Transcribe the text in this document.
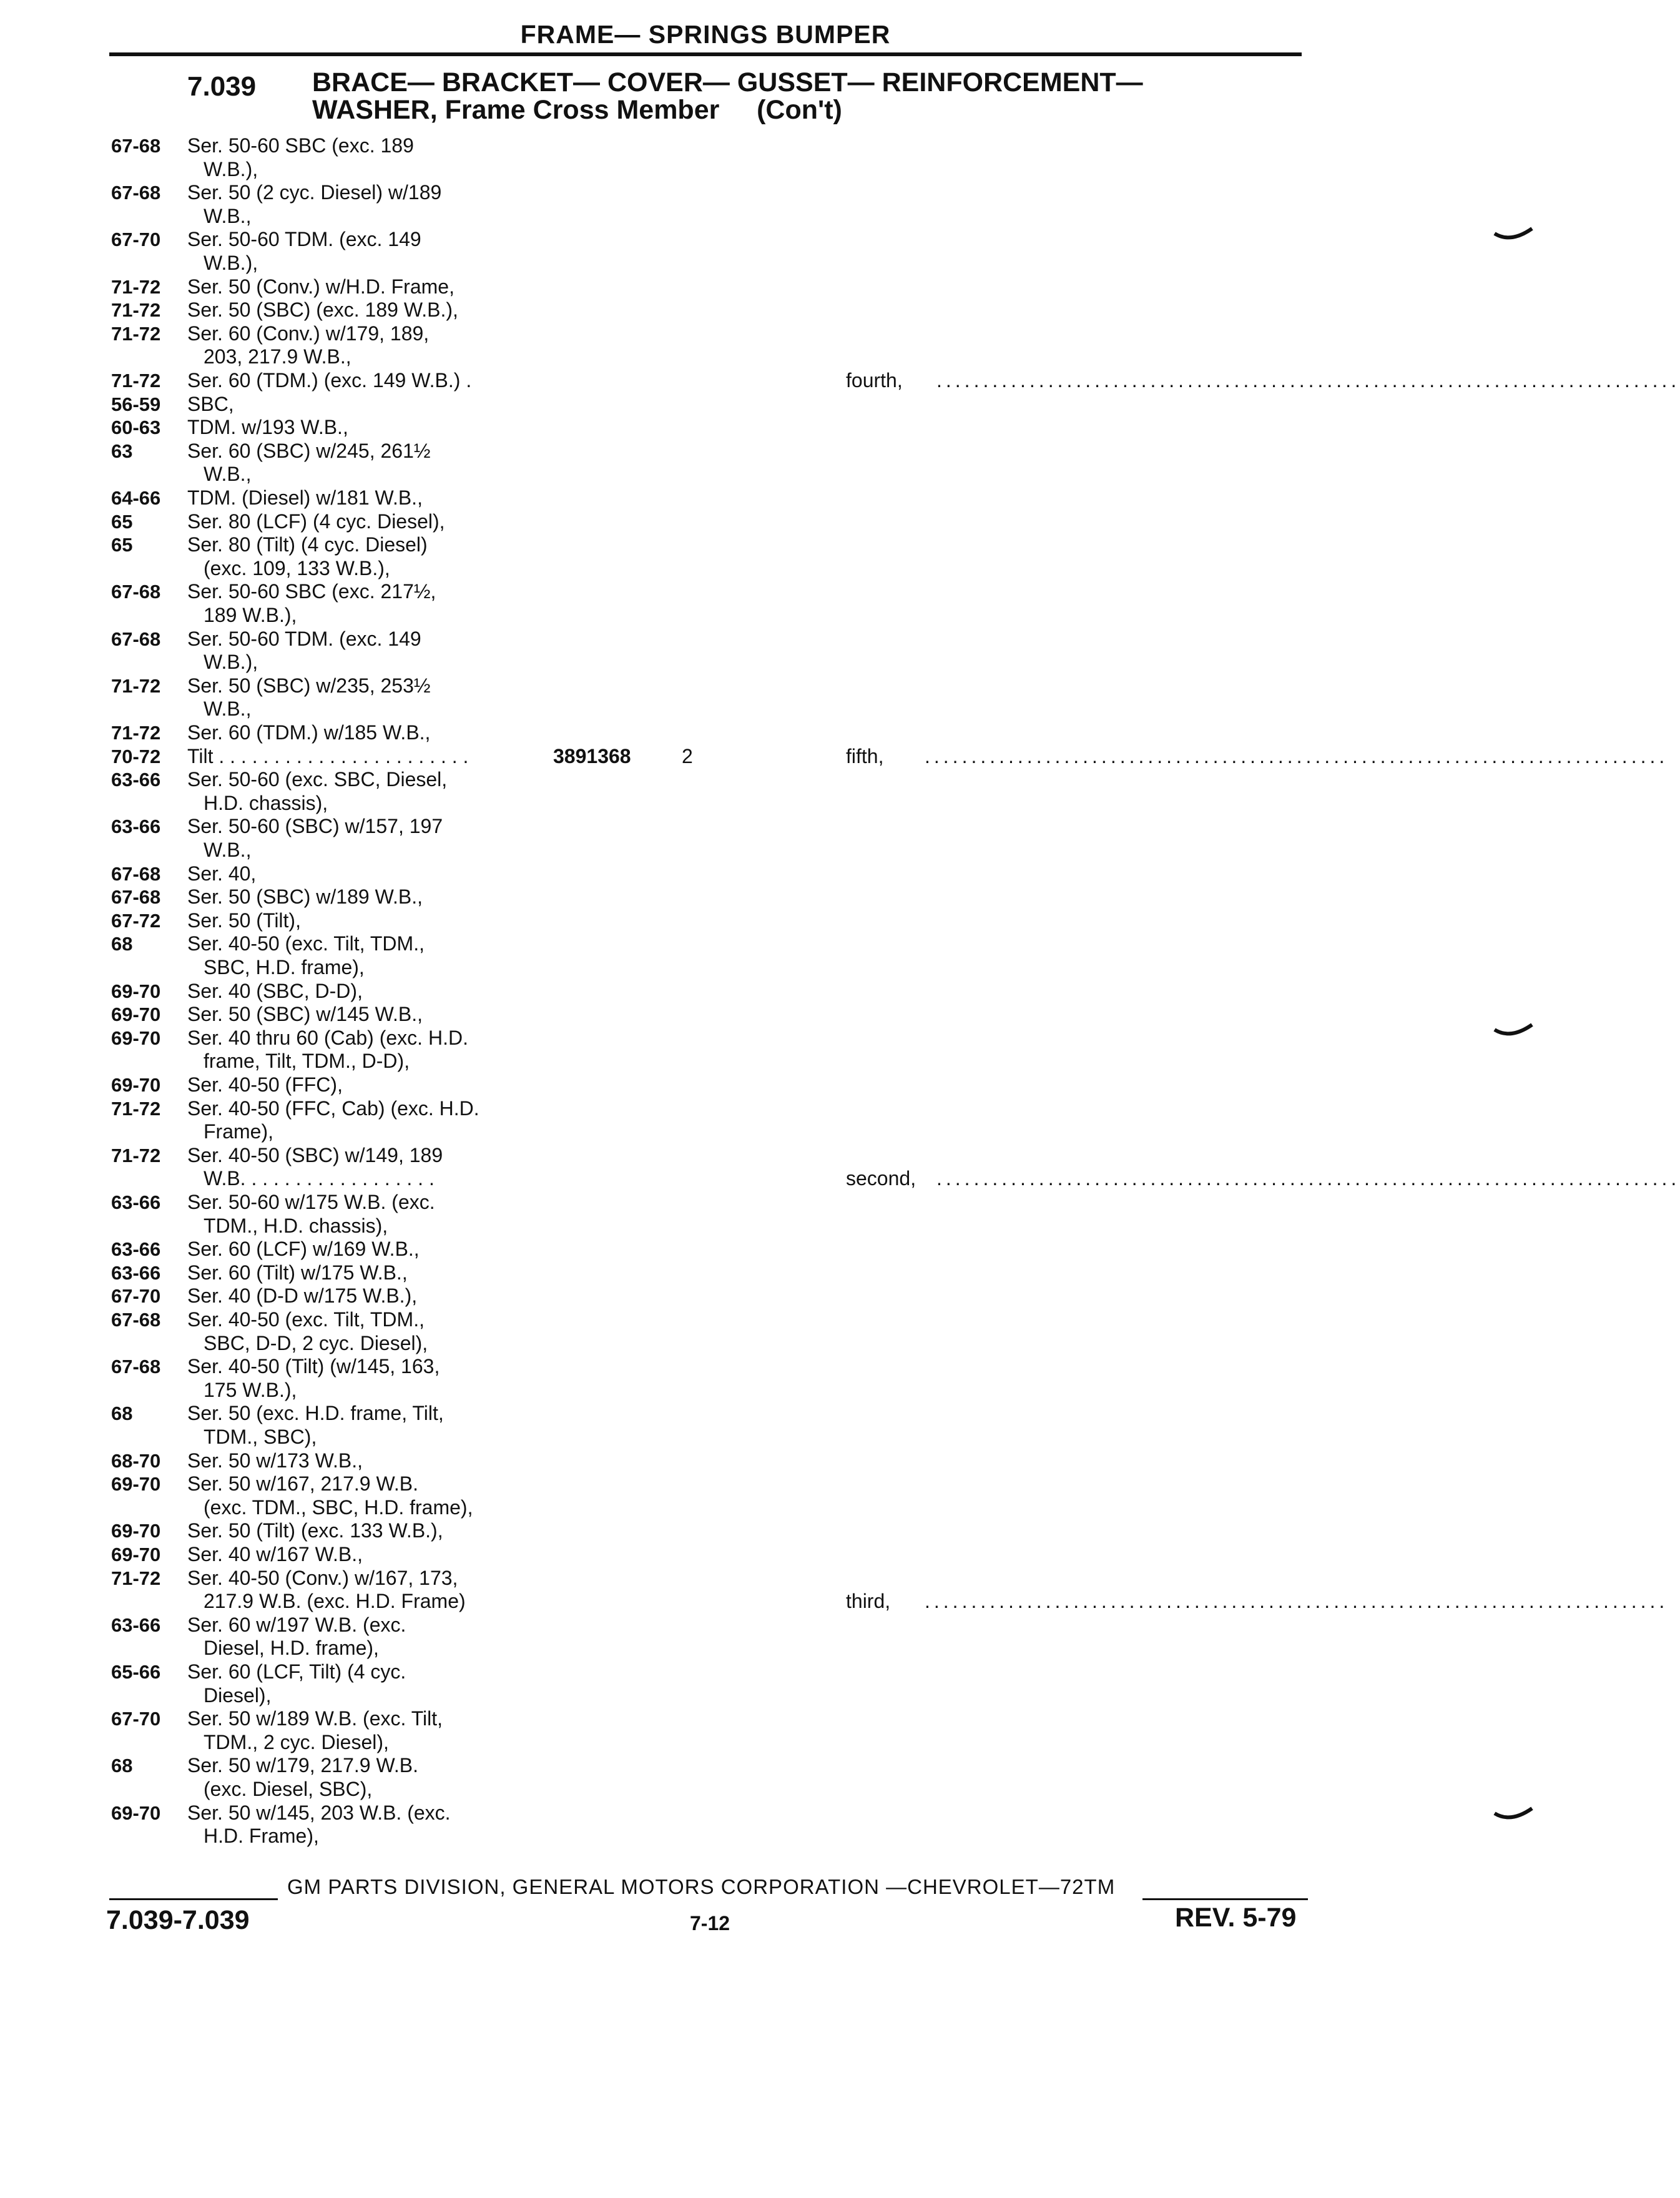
FRAME— SPRINGS BUMPER
7.039 BRACE— BRACKET— COVER— GUSSET— REINFORCEMENT—
WASHER, Frame Cross Member     (Con't)
67-68 Ser. 50-60 SBC (exc. 189
W.B.),
67-68 Ser. 50 (2 cyc. Diesel) w/189
W.B.,
67-70 Ser. 50-60 TDM. (exc. 149
W.B.),
71-72 Ser. 50 (Conv.) w/H.D. Frame,
71-72 Ser. 50 (SBC) (exc. 189 W.B.),
71-72 Ser. 60 (Conv.) w/179, 189,
203, 217.9 W.B.,
71-72 Ser. 60 (TDM.) (exc. 149 W.B.) .	fourth, ................................................................................
56-59 SBC,
60-63 TDM. w/193 W.B.,
63	Ser. 60 (SBC) w/245, 261½
W.B.,
64-66 TDM. (Diesel) w/181 W.B.,
65	Ser. 80 (LCF) (4 cyc. Diesel),
65	Ser. 80 (Tilt) (4 cyc. Diesel)
(exc. 109, 133 W.B.),
67-68 Ser. 50-60 SBC (exc. 217½,
189 W.B.),
67-68 Ser. 50-60 TDM. (exc. 149
W.B.),
71-72 Ser. 50 (SBC) w/235, 253½
W.B.,
71-72 Ser. 60 (TDM.) w/185 W.B.,
70-72 Tilt . . . . . . . . . . . . . . . . . . . . . . .	3891368	2	fifth, ................................................................................
63-66 Ser. 50-60 (exc. SBC, Diesel,
H.D. chassis),
63-66 Ser. 50-60 (SBC) w/157, 197
W.B.,
67-68 Ser. 40,
67-68 Ser. 50 (SBC) w/189 W.B.,
67-72 Ser. 50 (Tilt),
68	Ser. 40-50 (exc. Tilt, TDM.,
SBC, H.D. frame),
69-70 Ser. 40 (SBC, D-D),
69-70 Ser. 50 (SBC) w/145 W.B.,
69-70 Ser. 40 thru 60 (Cab) (exc. H.D.
frame, Tilt, TDM., D-D),
69-70 Ser. 40-50 (FFC),
71-72 Ser. 40-50 (FFC, Cab) (exc. H.D.
Frame),
71-72 Ser. 40-50 (SBC) w/149, 189
W.B. . . . . . . . . . . . . . . . . .	second, ................................................................................
63-66 Ser. 50-60 w/175 W.B. (exc.
TDM., H.D. chassis),
63-66 Ser. 60 (LCF) w/169 W.B.,
63-66 Ser. 60 (Tilt) w/175 W.B.,
67-70 Ser. 40 (D-D w/175 W.B.),
67-68 Ser. 40-50 (exc. Tilt, TDM.,
SBC, D-D, 2 cyc. Diesel),
67-68 Ser. 40-50 (Tilt) (w/145, 163,
175 W.B.),
68	Ser. 50 (exc. H.D. frame, Tilt,
TDM., SBC),
68-70 Ser. 50 w/173 W.B.,
69-70 Ser. 50 w/167, 217.9 W.B.
(exc. TDM., SBC, H.D. frame),
69-70 Ser. 50 (Tilt) (exc. 133 W.B.),
69-70 Ser. 40 w/167 W.B.,
71-72 Ser. 40-50 (Conv.) w/167, 173,
217.9 W.B. (exc. H.D. Frame)	third, ................................................................................
63-66 Ser. 60 w/197 W.B. (exc.
Diesel, H.D. frame),
65-66 Ser. 60 (LCF, Tilt) (4 cyc.
Diesel),
67-70 Ser. 50 w/189 W.B. (exc. Tilt,
TDM., 2 cyc. Diesel),
68	Ser. 50 w/179, 217.9 W.B.
(exc. Diesel, SBC),
69-70 Ser. 50 w/145, 203 W.B. (exc.
H.D. Frame),
GM PARTS DIVISION, GENERAL MOTORS CORPORATION —CHEVROLET—72TM
7.039-7.039	7-12	REV. 5-79
